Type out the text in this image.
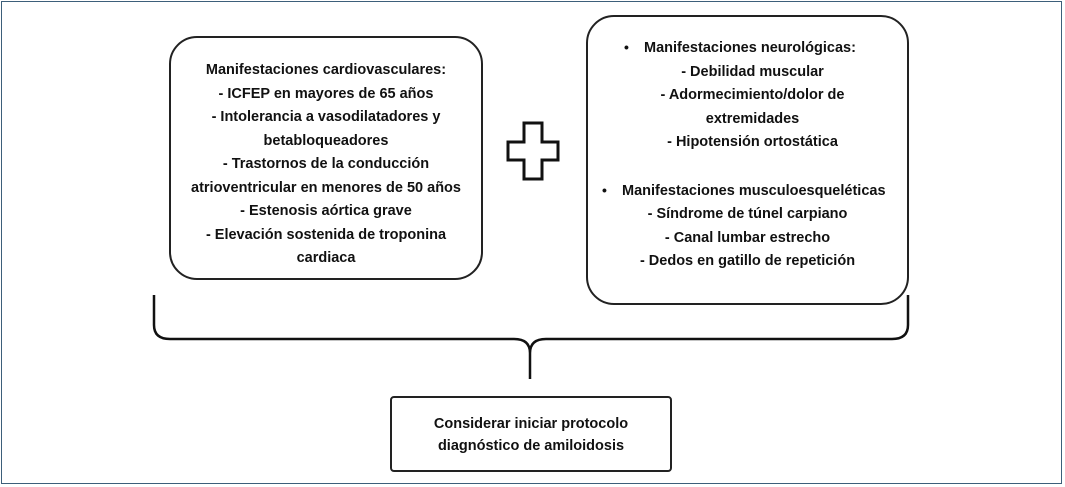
Manifestaciones cardiovasculares:
- ICFEP en mayores de 65 años
- Intolerancia a vasodilatadores y
betabloqueadores
- Trastornos de la conducción
atrioventricular en menores de 50 años
- Estenosis aórtica grave
- Elevación sostenida de troponina
cardiaca
•	Manifestaciones neurológicas:
- Debilidad muscular
- Adormecimiento/dolor de
extremidades
- Hipotensión ortostática
•	Manifestaciones musculoesqueléticas
- Síndrome de túnel carpiano
- Canal lumbar estrecho
- Dedos en gatillo de repetición
Considerar iniciar protocolo
diagnóstico de amiloidosis
